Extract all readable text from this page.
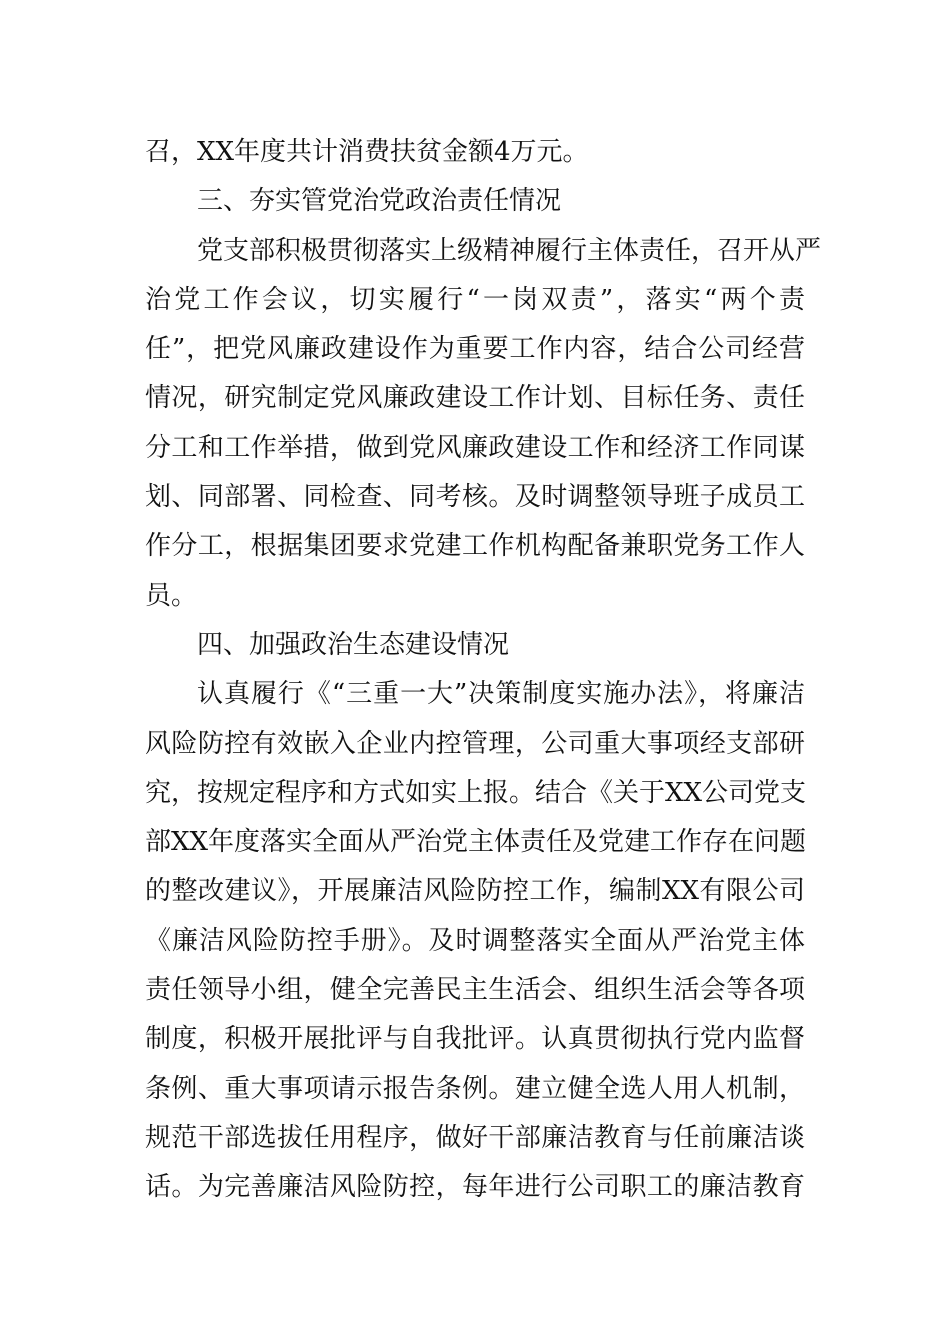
召，XX年度共计消费扶贫金额4万元。
三、夯实管党治党政治责任情况
党支部积极贯彻落实上级精神履行主体责任，召开从严
治党工作会议，切实履行“一岗双责”，落实“两个责
任”，把党风廉政建设作为重要工作内容，结合公司经营
情况，研究制定党风廉政建设工作计划、目标任务、责任
分工和工作举措，做到党风廉政建设工作和经济工作同谋
划、同部署、同检查、同考核。及时调整领导班子成员工
作分工，根据集团要求党建工作机构配备兼职党务工作人
员。
四、加强政治生态建设情况
认真履行《“三重一大”决策制度实施办法》，将廉洁
风险防控有效嵌入企业内控管理，公司重大事项经支部研
究，按规定程序和方式如实上报。结合《关于XX公司党支
部XX年度落实全面从严治党主体责任及党建工作存在问题
的整改建议》，开展廉洁风险防控工作，编制XX有限公司
《廉洁风险防控手册》。及时调整落实全面从严治党主体
责任领导小组，健全完善民主生活会、组织生活会等各项
制度，积极开展批评与自我批评。认真贯彻执行党内监督
条例、重大事项请示报告条例。建立健全选人用人机制，
规范干部选拔任用程序，做好干部廉洁教育与任前廉洁谈
话。为完善廉洁风险防控，每年进行公司职工的廉洁教育
